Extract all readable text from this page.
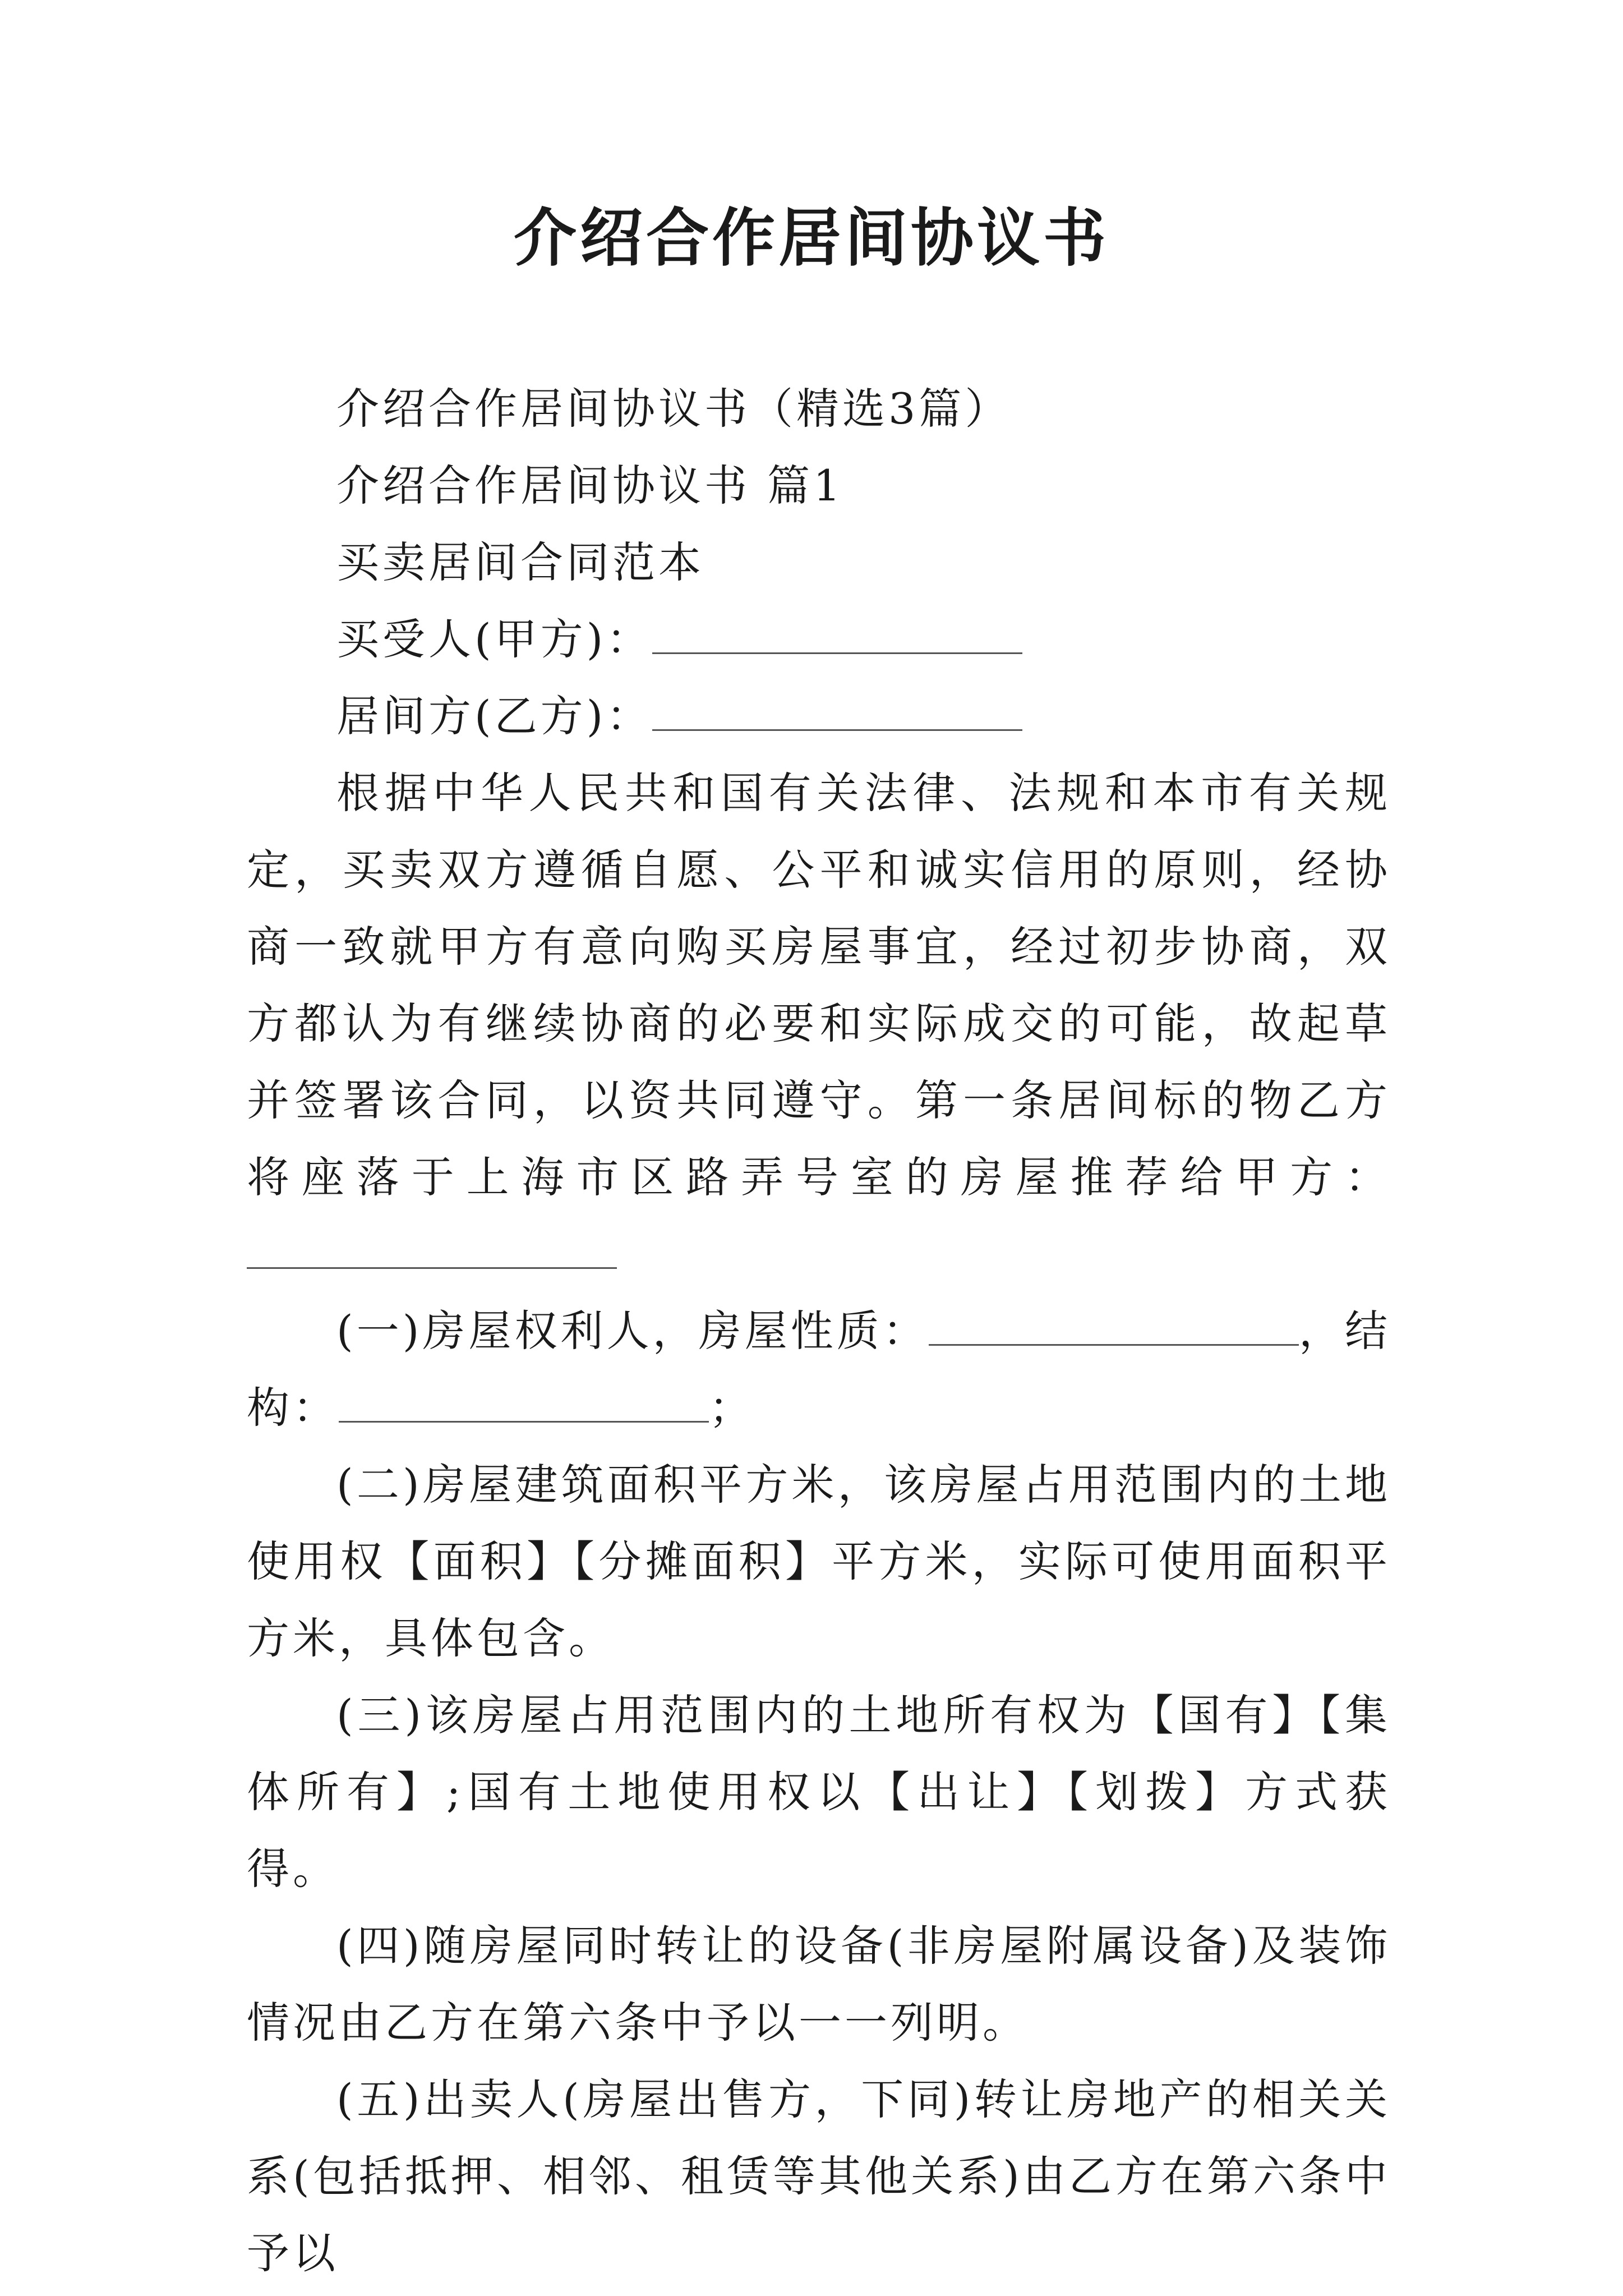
介绍合作居间协议书
介绍合作居间协议书（精选3篇）
介绍合作居间协议书 篇1
买卖居间合同范本
买受人(甲方)：
居间方(乙方)：

根据中华人民共和国有关法律、法规和本市有关规定，买卖双方遵循自愿、公平和诚实信用的原则，经协商一致就甲方有意向购买房屋事宜，经过初步协商，双方都认为有继续协商的必要和实际成交的可能，故起草并签署该合同，以资共同遵守。第一条居间标的物乙方将座落于上海市区路弄号室的房屋推荐给甲方：

(一)房屋权利人，房屋性质：	，结构：	；

(二)房屋建筑面积平方米，该房屋占用范围内的土地使用权【面积】【分摊面积】平方米，实际可使用面积平方米，具体包含。

(三)该房屋占用范围内的土地所有权为【国有】【集体所有】;国有土地使用权以【出让】【划拨】方式获得。

(四)随房屋同时转让的设备(非房屋附属设备)及装饰情况由乙方在第六条中予以一一列明。

(五)出卖人(房屋出售方，下同)转让房地产的相关关系(包括抵押、相邻、租赁等其他关系)由乙方在第六条中予以
